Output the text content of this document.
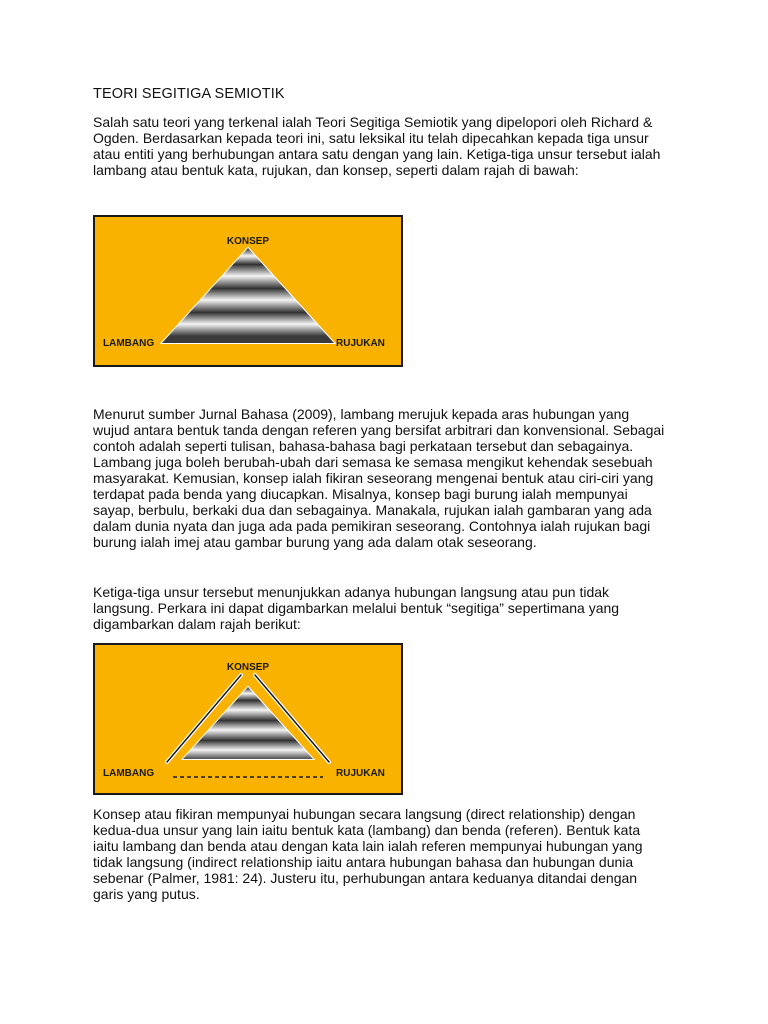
TEORI SEGITIGA SEMIOTIK
Salah satu teori yang terkenal ialah Teori Segitiga Semiotik yang dipelopori oleh Richard &
Ogden. Berdasarkan kepada teori ini, satu leksikal itu telah dipecahkan kepada tiga unsur
atau entiti yang berhubungan antara satu dengan yang lain. Ketiga-tiga unsur tersebut ialah
lambang atau bentuk kata, rujukan, dan konsep, seperti dalam rajah di bawah:
KONSEP
LAMBANG	RUJUKAN
Menurut sumber Jurnal Bahasa (2009), lambang merujuk kepada aras hubungan yang
wujud antara bentuk tanda dengan referen yang bersifat arbitrari dan konvensional. Sebagai
contoh adalah seperti tulisan, bahasa-bahasa bagi perkataan tersebut dan sebagainya.
Lambang juga boleh berubah-ubah dari semasa ke semasa mengikut kehendak sesebuah
masyarakat. Kemusian, konsep ialah fikiran seseorang mengenai bentuk atau ciri-ciri yang
terdapat pada benda yang diucapkan. Misalnya, konsep bagi burung ialah mempunyai
sayap, berbulu, berkaki dua dan sebagainya. Manakala, rujukan ialah gambaran yang ada
dalam dunia nyata dan juga ada pada pemikiran seseorang. Contohnya ialah rujukan bagi
burung ialah imej atau gambar burung yang ada dalam otak seseorang.
Ketiga-tiga unsur tersebut menunjukkan adanya hubungan langsung atau pun tidak
langsung. Perkara ini dapat digambarkan melalui bentuk “segitiga” sepertimana yang
digambarkan dalam rajah berikut:
KONSEP
LAMBANG	RUJUKAN
Konsep atau fikiran mempunyai hubungan secara langsung (direct relationship) dengan
kedua-dua unsur yang lain iaitu bentuk kata (lambang) dan benda (referen). Bentuk kata
iaitu lambang dan benda atau dengan kata lain ialah referen mempunyai hubungan yang
tidak langsung (indirect relationship iaitu antara hubungan bahasa dan hubungan dunia
sebenar (Palmer, 1981: 24). Justeru itu, perhubungan antara keduanya ditandai dengan
garis yang putus.
